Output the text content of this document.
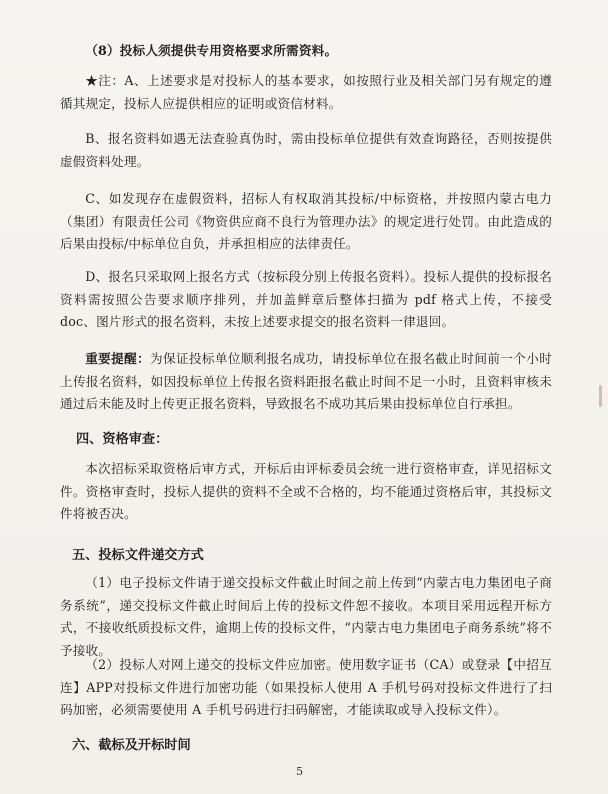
（8）投标人须提供专用资格要求所需资料。

★注：A、上述要求是对投标人的基本要求，如按照行业及相关部门另有规定的遵循其规定，投标人应提供相应的证明或资信材料。

B、报名资料如遇无法查验真伪时，需由投标单位提供有效查询路径，否则按提供虚假资料处理。

C、如发现存在虚假资料，招标人有权取消其投标/中标资格，并按照内蒙古电力（集团）有限责任公司《物资供应商不良行为管理办法》的规定进行处罚。由此造成的后果由投标/中标单位自负，并承担相应的法律责任。

D、报名只采取网上报名方式（按标段分别上传报名资料）。投标人提供的投标报名资料需按照公告要求顺序排列，并加盖鲜章后整体扫描为 pdf 格式上传，不接受 doc、图片形式的报名资料，未按上述要求提交的报名资料一律退回。

重要提醒：为保证投标单位顺利报名成功，请投标单位在报名截止时间前一个小时上传报名资料，如因投标单位上传报名资料距报名截止时间不足一小时，且资料审核未通过后未能及时上传更正报名资料，导致报名不成功其后果由投标单位自行承担。

四、资格审查：

本次招标采取资格后审方式，开标后由评标委员会统一进行资格审查，详见招标文件。资格审查时，投标人提供的资料不全或不合格的，均不能通过资格后审，其投标文件将被否决。

五、投标文件递交方式

（1）电子投标文件请于递交投标文件截止时间之前上传到“内蒙古电力集团电子商务系统”，递交投标文件截止时间后上传的投标文件恕不接收。本项目采用远程开标方式，不接收纸质投标文件，逾期上传的投标文件，“内蒙古电力集团电子商务系统”将不予接收。

（2）投标人对网上递交的投标文件应加密。使用数字证书（CA）或登录【中招互连】APP对投标文件进行加密功能（如果投标人使用 A 手机号码对投标文件进行了扫码加密，必须需要使用 A 手机号码进行扫码解密，才能读取或导入投标文件）。

六、截标及开标时间
5
